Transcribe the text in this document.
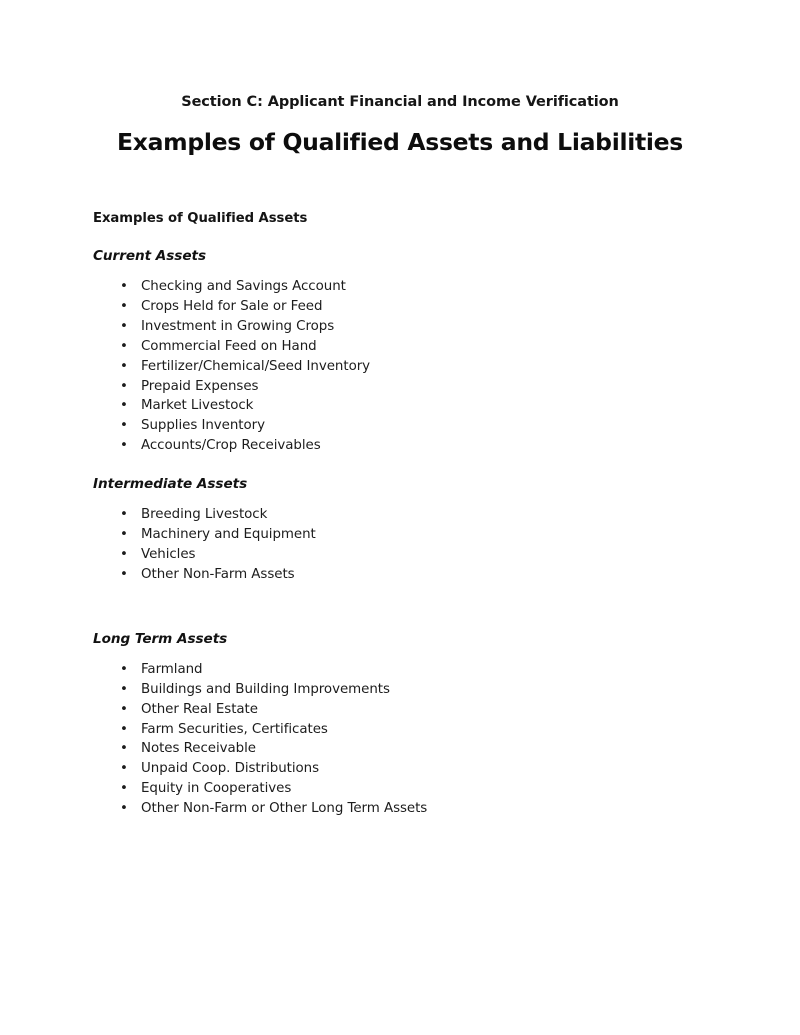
Section C: Applicant Financial and Income Verification

Examples of Qualified Assets and Liabilities

Examples of Qualified Assets

Current Assets

• Checking and Savings Account
• Crops Held for Sale or Feed
• Investment in Growing Crops
• Commercial Feed on Hand
• Fertilizer/Chemical/Seed Inventory
• Prepaid Expenses
• Market Livestock
• Supplies Inventory
• Accounts/Crop Receivables

Intermediate Assets

• Breeding Livestock
• Machinery and Equipment
• Vehicles
• Other Non-Farm Assets

Long Term Assets

• Farmland
• Buildings and Building Improvements
• Other Real Estate
• Farm Securities, Certificates
• Notes Receivable
• Unpaid Coop. Distributions
• Equity in Cooperatives
• Other Non-Farm or Other Long Term Assets
